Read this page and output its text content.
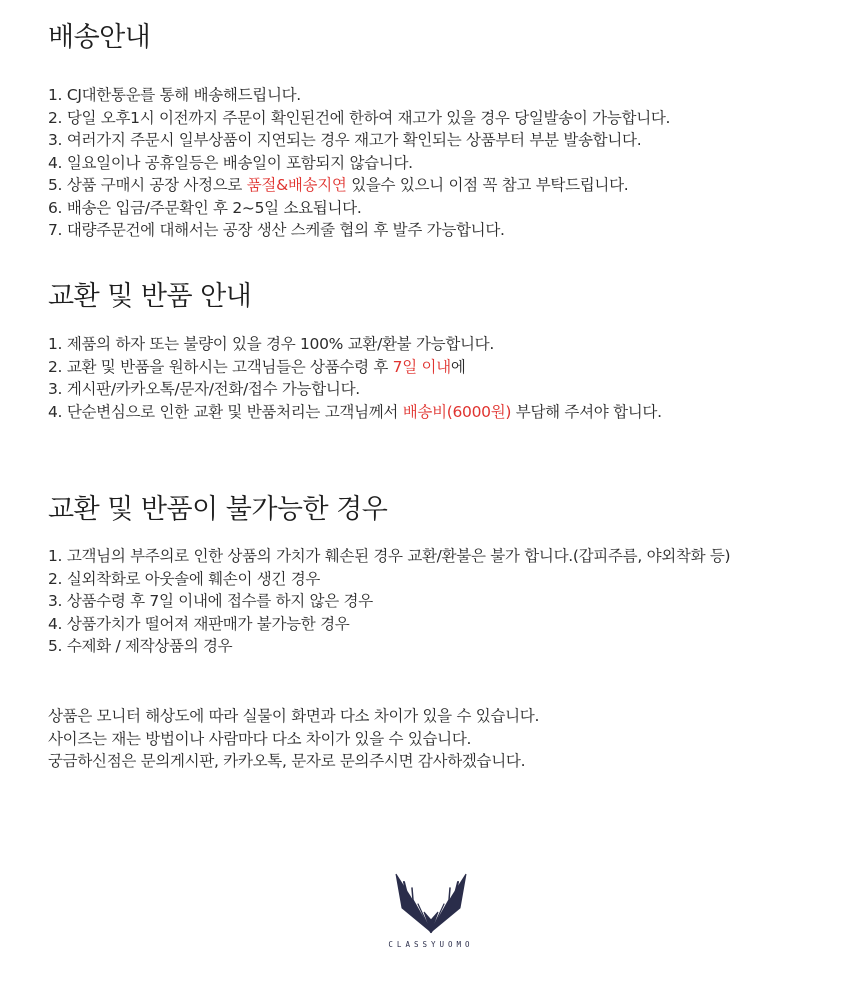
배송안내
1. CJ대한통운를 통해 배송해드립니다.
2. 당일 오후1시 이전까지 주문이 확인된건에 한하여 재고가 있을 경우 당일발송이 가능합니다.
3. 여러가지 주문시 일부상품이 지연되는 경우 재고가 확인되는 상품부터 부분 발송합니다.
4. 일요일이나 공휴일등은 배송일이 포함되지 않습니다.
5. 상품 구매시 공장 사정으로 품절&배송지연 있을수 있으니 이점 꼭 참고 부탁드립니다.
6. 배송은 입금/주문확인 후 2~5일 소요됩니다.
7. 대량주문건에 대해서는 공장 생산 스케줄 협의 후 발주 가능합니다.
교환 및 반품 안내
1. 제품의 하자 또는 불량이 있을 경우 100% 교환/환불 가능합니다.
2. 교환 및 반품을 원하시는 고객님들은 상품수령 후 7일 이내에
3. 게시판/카카오톡/문자/전화/접수 가능합니다.
4. 단순변심으로 인한 교환 및 반품처리는 고객님께서 배송비(6000원) 부담해 주셔야 합니다.
교환 및 반품이 불가능한 경우
1. 고객님의 부주의로 인한 상품의 가치가 훼손된 경우 교환/환불은 불가 합니다.(갑피주름, 야외착화 등)
2. 실외착화로 아웃솔에 훼손이 생긴 경우
3. 상품수령 후 7일 이내에 접수를 하지 않은 경우
4. 상품가치가 떨어져 재판매가 불가능한 경우
5. 수제화 / 제작상품의 경우

상품은 모니터 해상도에 따라 실물이 화면과 다소 차이가 있을 수 있습니다.

사이즈는 재는 방법이나 사람마다 다소 차이가 있을 수 있습니다.

궁금하신점은 문의게시판, 카카오톡, 문자로 문의주시면 감사하겠습니다.

CLASSYUOMO
